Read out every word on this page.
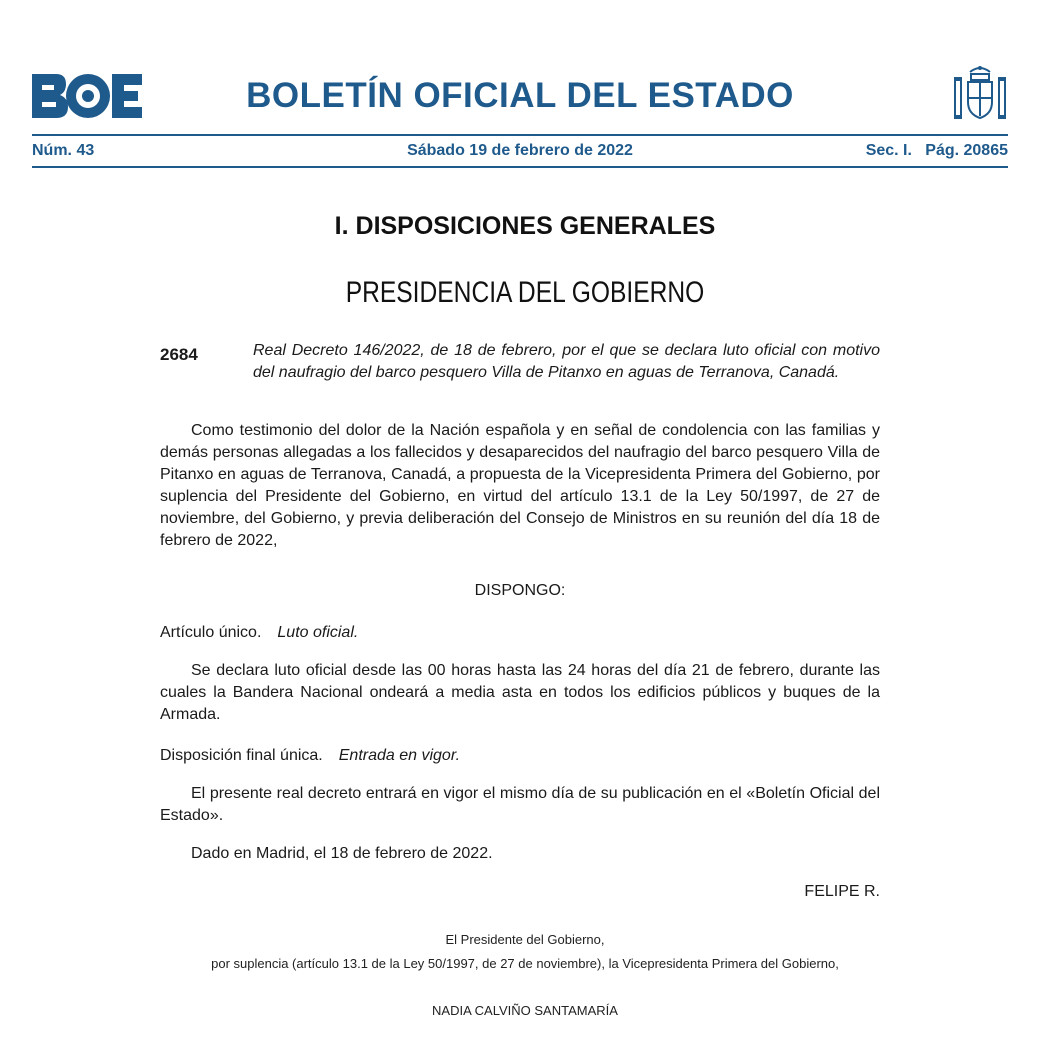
BOLETÍN OFICIAL DEL ESTADO
Núm. 43	Sábado 19 de febrero de 2022	Sec. I.   Pág. 20865
I. DISPOSICIONES GENERALES
PRESIDENCIA DEL GOBIERNO
2684	Real Decreto 146/2022, de 18 de febrero, por el que se declara luto oficial con motivo del naufragio del barco pesquero Villa de Pitanxo en aguas de Terranova, Canadá.

Como testimonio del dolor de la Nación española y en señal de condolencia con las familias y demás personas allegadas a los fallecidos y desaparecidos del naufragio del barco pesquero Villa de Pitanxo en aguas de Terranova, Canadá, a propuesta de la Vicepresidenta Primera del Gobierno, por suplencia del Presidente del Gobierno, en virtud del artículo 13.1 de la Ley 50/1997, de 27 de noviembre, del Gobierno, y previa deliberación del Consejo de Ministros en su reunión del día 18 de febrero de 2022,

DISPONGO:

Artículo único. Luto oficial.

Se declara luto oficial desde las 00 horas hasta las 24 horas del día 21 de febrero, durante las cuales la Bandera Nacional ondeará a media asta en todos los edificios públicos y buques de la Armada.

Disposición final única. Entrada en vigor.

El presente real decreto entrará en vigor el mismo día de su publicación en el «Boletín Oficial del Estado».

Dado en Madrid, el 18 de febrero de 2022.

FELIPE R.

El Presidente del Gobierno,
por suplencia (artículo 13.1 de la Ley 50/1997, de 27 de noviembre), la Vicepresidenta Primera del Gobierno,
NADIA CALVIÑO SANTAMARÍA
